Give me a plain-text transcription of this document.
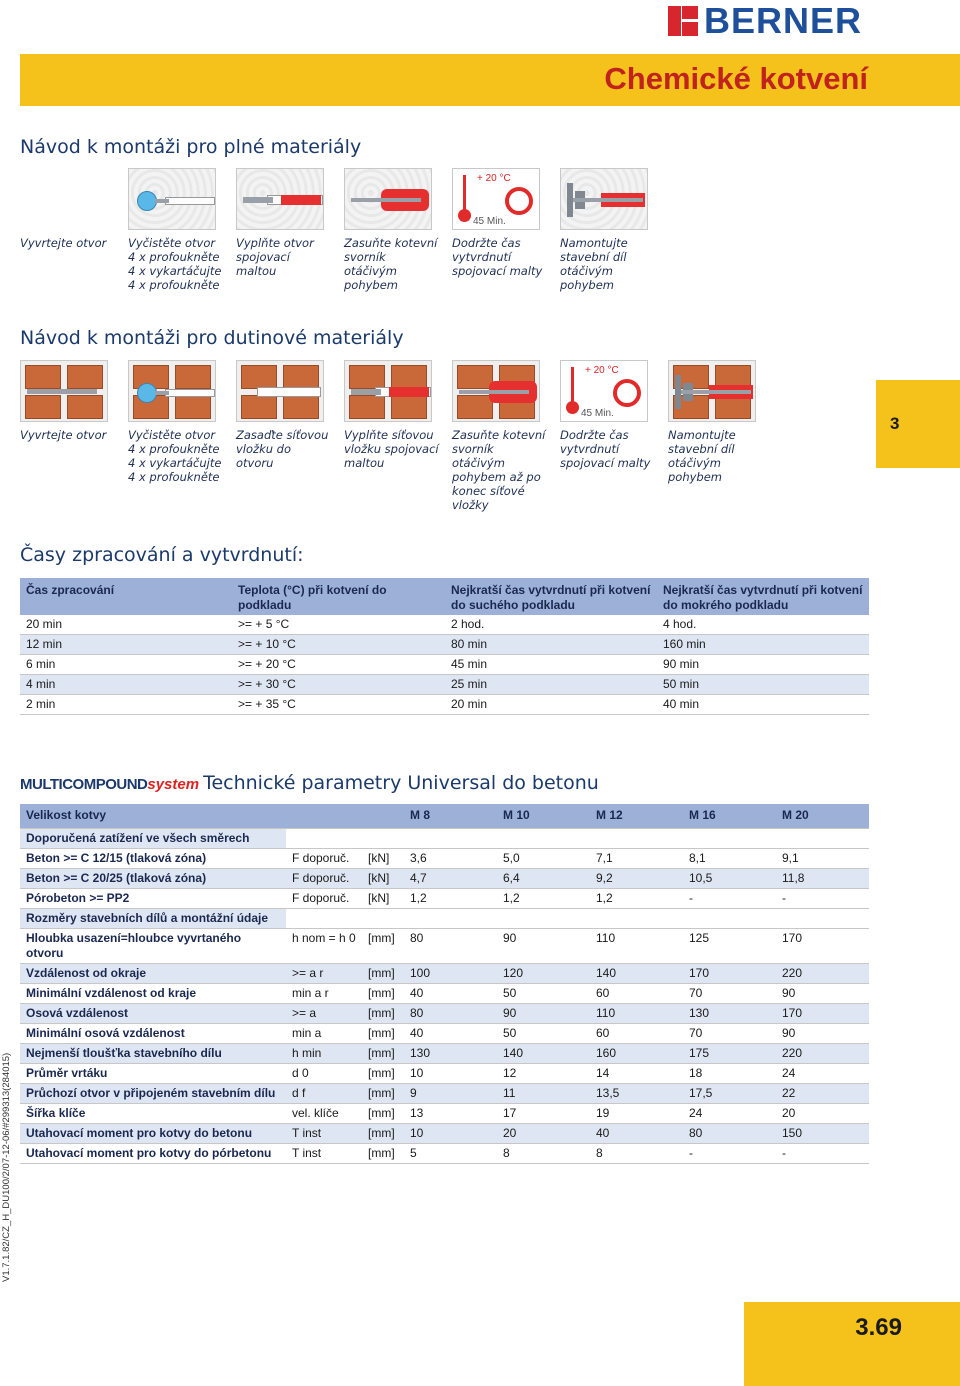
BERNER
Chemické kotvení
Návod k montáži pro plné materiály
Vyvrtejte otvor	Vyčistěte otvor
4 x profoukněte
4 x vykartáčujte
4 x profoukněte
Vyplňte otvor
spojovací
maltou
Zasuňte kotevní
svorník
otáčivým
pohybem
+ 20 °C
45 Min.
Dodržte čas
vytvrdnutí
spojovací malty
Namontujte
stavební díl
otáčivým
pohybem
Návod k montáži pro dutinové materiály
Vyvrtejte otvor	Vyčistěte otvor
4 x profoukněte
4 x vykartáčujte
4 x profoukněte
Zasaďte síťovou
vložku do
otvoru
Vyplňte síťovou
vložku spojovací
maltou
Zasuňte kotevní
svorník
otáčivým
pohybem až po
konec síťové
vložky
+ 20 °C
45 Min.
Dodržte čas
vytvrdnutí
spojovací malty
Namontujte
stavební díl
otáčivým
pohybem
3
Časy zpracování a vytvrdnutí:
Čas zpracování	Teplota (°C) při kotvení do podkladu	Nejkratší čas vytvrdnutí při kotvení do suchého podkladu	Nejkratší čas vytvrdnutí při kotvení do mokrého podkladu
20 min	>= + 5 °C	2 hod.	4 hod.
12 min	>= + 10 °C	80 min	160 min
6 min	>= + 20 °C	45 min	90 min
4 min	>= + 30 °C	25 min	50 min
2 min	>= + 35 °C	20 min	40 min
MULTICOMPOUND system Technické parametry Universal do betonu
Velikost kotvy			M 8	M 10	M 12	M 16	M 20
Doporučená zatížení ve všech směrech							
Beton >= C 12/15 (tlaková zóna)	F doporuč.	[kN]	3,6	5,0	7,1	8,1	9,1
Beton >= C 20/25 (tlaková zóna)	F doporuč.	[kN]	4,7	6,4	9,2	10,5	11,8
Pórobeton >= PP2	F doporuč.	[kN]	1,2	1,2	1,2	-	-
Rozměry stavebních dílů a montážní údaje							
Hloubka usazení=hloubce vyvrtaného otvoru	h nom = h 0	[mm]	80	90	110	125	170
Vzdálenost od okraje	>= a r	[mm]	100	120	140	170	220
Minimální vzdálenost od kraje	min a r	[mm]	40	50	60	70	90
Osová vzdálenost	>= a	[mm]	80	90	110	130	170
Minimální osová vzdálenost	min a	[mm]	40	50	60	70	90
Nejmenší tloušťka stavebního dílu	h min	[mm]	130	140	160	175	220
Průměr vrtáku	d 0	[mm]	10	12	14	18	24
Průchozí otvor v připojeném stavebním dílu	d f	[mm]	9	11	13,5	17,5	22
Šířka klíče	vel. klíče	[mm]	13	17	19	24	20
Utahovací moment pro kotvy do betonu	T inst	[mm]	10	20	40	80	150
Utahovací moment pro kotvy do pórbetonu	T inst	[mm]	5	8	8	-	-
V1.7.1.82/CZ_H_DU100/2/07-12-06/#299313(284015)
3.69
